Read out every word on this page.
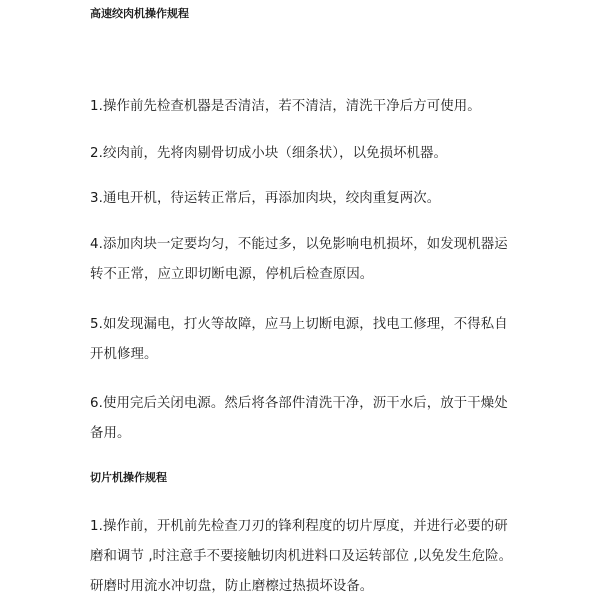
高速绞肉机操作规程
1.操作前先检查机器是否清洁，若不清洁，清洗干净后方可使用。
2.绞肉前，先将肉剔骨切成小块（细条状），以免损坏机器。
3.通电开机，待运转正常后，再添加肉块，绞肉重复两次。
4.添加肉块一定要均匀，不能过多，以免影响电机损坏，如发现机器运
转不正常，应立即切断电源，停机后检查原因。
5.如发现漏电，打火等故障，应马上切断电源，找电工修理，不得私自
开机修理。
6.使用完后关闭电源。然后将各部件清洗干净，沥干水后，放于干燥处
备用。
切片机操作规程
1.操作前，开机前先检查刀刃的锋利程度的切片厚度，并进行必要的研
磨和调节 ,时注意手不要接触切肉机进料口及运转部位 ,以免发生危险。
研磨时用流水冲切盘，防止磨檫过热损坏设备。
